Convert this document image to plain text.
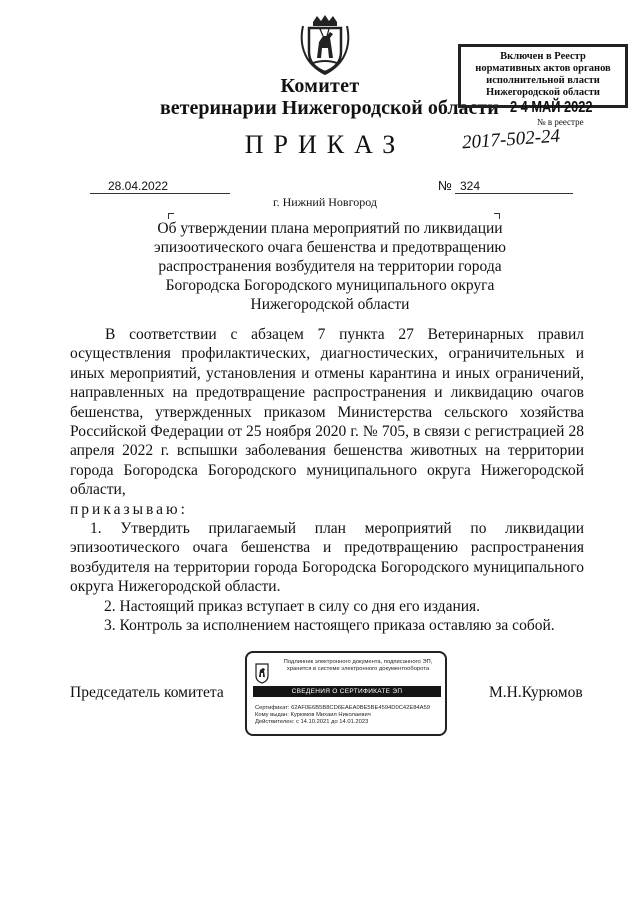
Комитет
ветеринарии Нижегородской области
ПРИКАЗ
Включен в Реестр
нормативных актов органов
исполнительной власти
Нижегородской области
2 4 МАЙ 2022
№ в реестре
2017-502-24
28.04.2022	№ 324
г. Нижний Новгород
Об утверждении плана мероприятий по ликвидации эпизоотического очага бешенства и предотвращению распространения возбудителя на территории города Богородска Богородского муниципального округа Нижегородской области

В соответствии с абзацем 7 пункта 27 Ветеринарных правил осуществления профилактических, диагностических, ограничительных и иных мероприятий, установления и отмены карантина и иных ограничений, направленных на предотвращение распространения и ликвидацию очагов бешенства, утвержденных приказом Министерства сельского хозяйства Российской Федерации от 25 ноября 2020 г. № 705, в связи с регистрацией 28 апреля 2022 г. вспышки заболевания бешенства животных на территории города Богородска Богородского муниципального округа Нижегородской области,

приказываю:

1. Утвердить прилагаемый план мероприятий по ликвидации эпизоотического очага бешенства и предотвращению распространения возбудителя на территории города Богородска Богородского муниципального округа Нижегородской области.

2. Настоящий приказ вступает в силу со дня его издания.

3. Контроль за исполнением настоящего приказа оставляю за собой.

Председатель комитета	М.Н.Курюмов
Подлинник электронного документа, подписанного ЭП, хранится в системе электронного документооборота
СВЕДЕНИЯ О СЕРТИФИКАТЕ ЭП
Сертификат: 62AF0E6B5B8CD6EAEA0BE5BE4594D0C42E84A59
Кому выдан: Курюмов Михаил Николаевич
Действителен: с 14.10.2021 до 14.01.2023
